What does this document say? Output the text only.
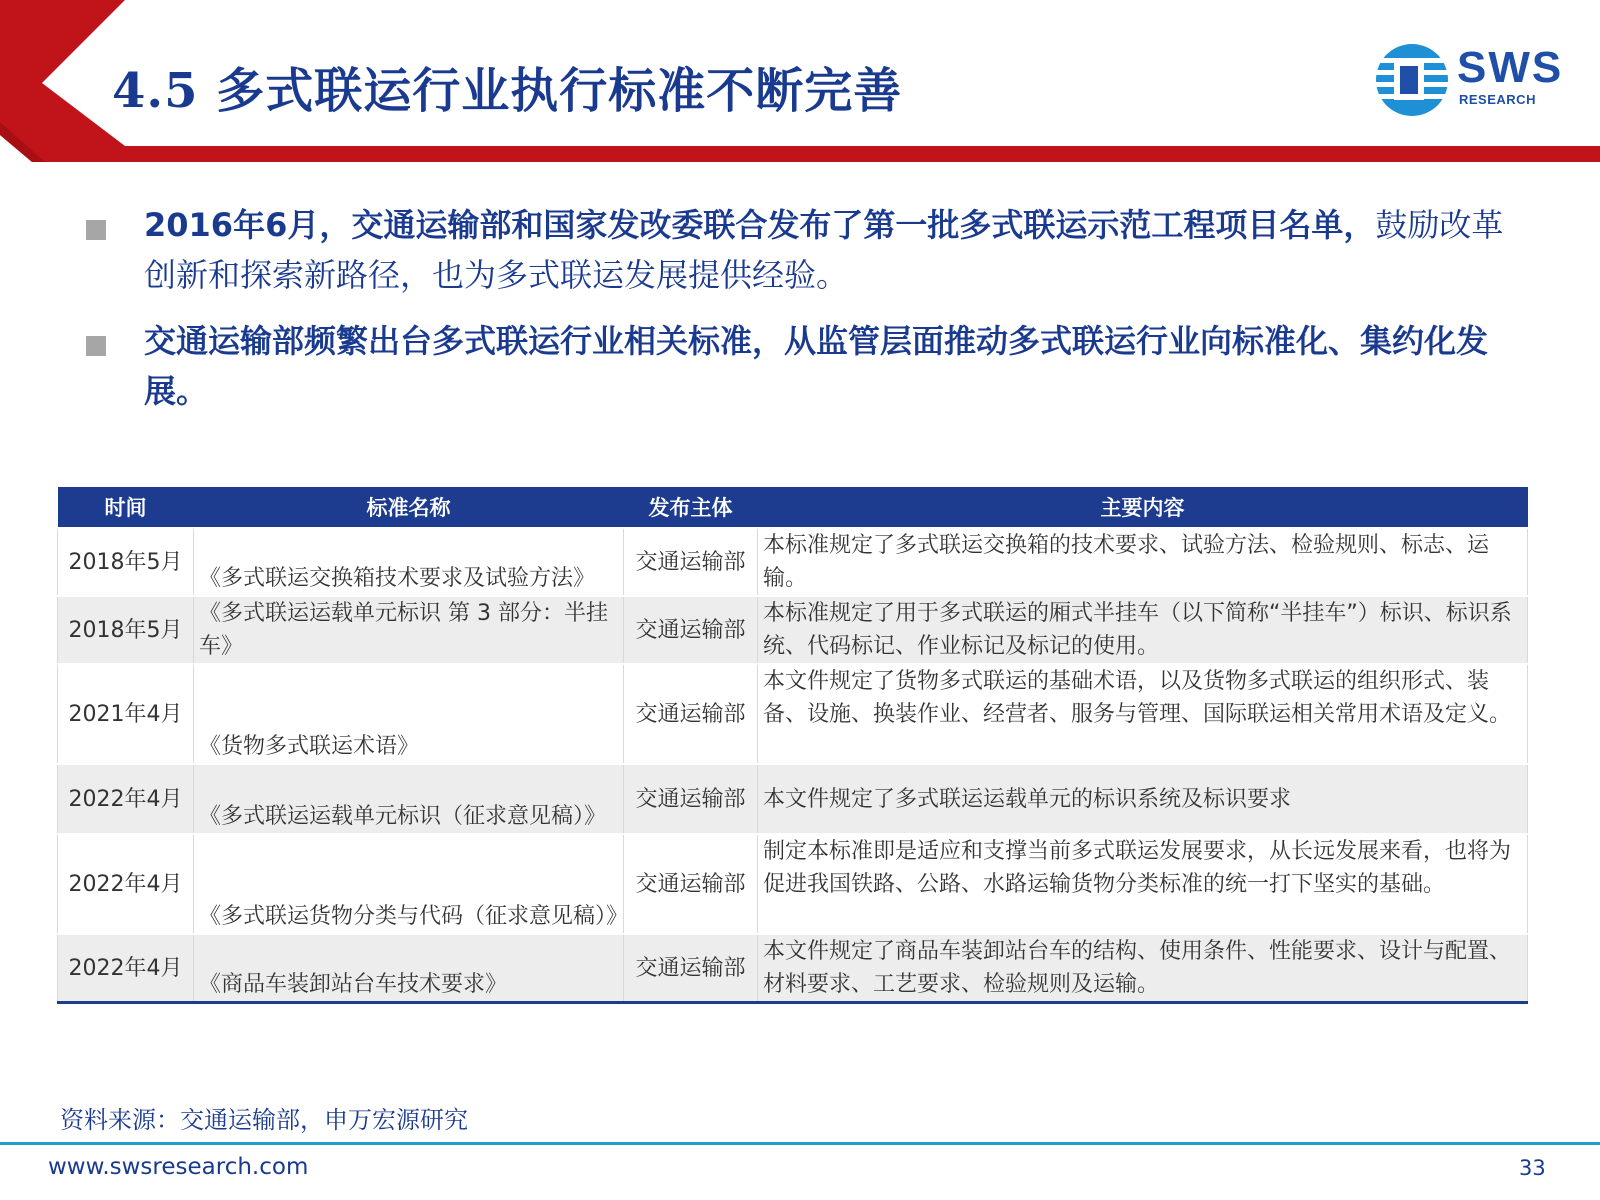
4.5 多式联运行业执行标准不断完善	SWS
RESEARCH
2016年6月，交通运输部和国家发改委联合发布了第一批多式联运示范工程项目名单，鼓励改革创新和探索新路径，也为多式联运发展提供经验。
交通运输部频繁出台多式联运行业相关标准，从监管层面推动多式联运行业向标准化、集约化发展。
时间	标准名称	发布主体	主要内容
2018年5月	《多式联运交换箱技术要求及试验方法》	交通运输部	本标准规定了多式联运交换箱的技术要求、试验方法、检验规则、标志、运输。
2018年5月	《多式联运运载单元标识 第 3 部分：半挂车》	交通运输部	本标准规定了用于多式联运的厢式半挂车（以下简称“半挂车”）标识、标识系统、代码标记、作业标记及标记的使用。
2021年4月	《货物多式联运术语》	交通运输部	本文件规定了货物多式联运的基础术语，以及货物多式联运的组织形式、装备、设施、换装作业、经营者、服务与管理、国际联运相关常用术语及定义。
2022年4月	《多式联运运载单元标识（征求意见稿）》	交通运输部	本文件规定了多式联运运载单元的标识系统及标识要求
2022年4月	《多式联运货物分类与代码（征求意见稿）》	交通运输部	制定本标准即是适应和支撑当前多式联运发展要求，从长远发展来看，也将为促进我国铁路、公路、水路运输货物分类标准的统一打下坚实的基础。
2022年4月	《商品车装卸站台车技术要求》	交通运输部	本文件规定了商品车装卸站台车的结构、使用条件、性能要求、设计与配置、材料要求、工艺要求、检验规则及运输。
资料来源：交通运输部，申万宏源研究
www.swsresearch.com	33
